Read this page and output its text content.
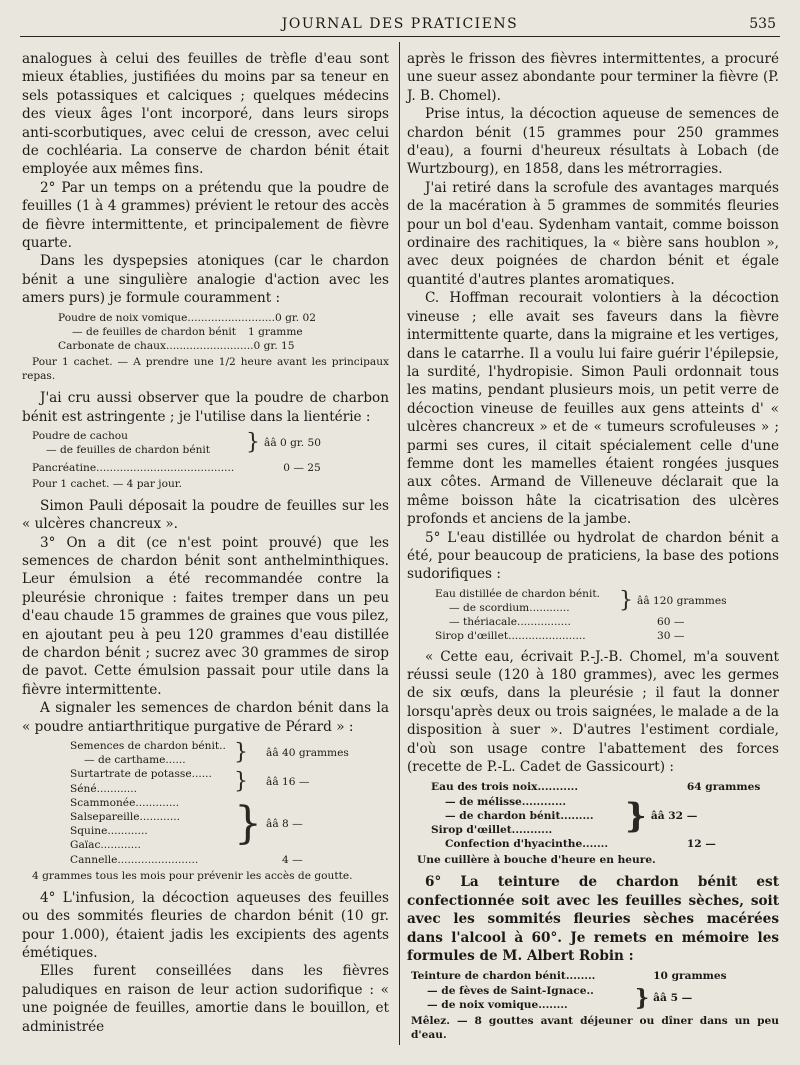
JOURNAL DES PRATICIENS	535

analogues à celui des feuilles de trèfle d'eau sont mieux établies, justifiées du moins par sa teneur en sels potassiques et calciques ; quelques médecins des vieux âges l'ont incorporé, dans leurs sirops anti-scorbutiques, avec celui de cresson, avec celui de cochléaria. La conserve de chardon bénit était employée aux mêmes fins.

2° Par un temps on a prétendu que la poudre de feuilles (1 à 4 grammes) prévient le retour des accès de fièvre intermittente, et principalement de fièvre quarte.

Dans les dyspepsies atoniques (car le chardon bénit a une singulière analogie d'action avec les amers purs) je formule couramment :

Poudre de noix vomique .......................... 0 gr. 02
— de feuilles de chardon bénit 1 gramme
Carbonate de chaux .......................... 0 gr. 15
Pour 1 cachet. — A prendre une 1/2 heure avant les principaux repas.

J'ai cru aussi observer que la poudre de charbon bénit est astringente ; je l'utilise dans la lientérie :

Poudre de cachou
— de feuilles de chardon bénit	}	ââ 0 gr. 50
Pancréatine .........................................	0 — 25
Pour 1 cachet. — 4 par jour.

Simon Pauli déposait la poudre de feuilles sur les « ulcères chancreux ».

3° On a dit (ce n'est point prouvé) que les semences de chardon bénit sont anthelminthiques. Leur émulsion a été recommandée contre la pleurésie chronique : faites tremper dans un peu d'eau chaude 15 grammes de graines que vous pilez, en ajoutant peu à peu 120 grammes d'eau distillée de chardon bénit ; sucrez avec 30 grammes de sirop de pavot. Cette émulsion passait pour utile dans la fièvre intermittente.

A signaler les semences de chardon bénit dans la « poudre antiarthritique purgative de Pérard » :

Semences de chardon bénit..
— de carthame......	}	ââ 40 grammes

Surtartrate de potasse......
Séné............	}	ââ 16 —

Scammonée.............
Salsepareille............
Squine............
Gaïac............	}	ââ 8 —
Cannelle........................		4 —
4 grammes tous les mois pour prévenir les accès de goutte.

4° L'infusion, la décoction aqueuses des feuilles ou des sommités fleuries de chardon bénit (10 gr. pour 1.000), étaient jadis les excipients des agents émétiques.

Elles furent conseillées dans les fièvres paludiques en raison de leur action sudorifique : « une poignée de feuilles, amortie dans le bouillon, et administrée

après le frisson des fièvres intermittentes, a procuré une sueur assez abondante pour terminer la fièvre (P. J. B. Chomel).

Prise intus, la décoction aqueuse de semences de chardon bénit (15 grammes pour 250 grammes d'eau), a fourni d'heureux résultats à Lobach (de Wurtzbourg), en 1858, dans les métrorragies.

J'ai retiré dans la scrofule des avantages marqués de la macération à 5 grammes de sommités fleuries pour un bol d'eau. Sydenham vantait, comme boisson ordinaire des rachitiques, la « bière sans houblon », avec deux poignées de chardon bénit et égale quantité d'autres plantes aromatiques.

C. Hoffman recourait volontiers à la décoction vineuse ; elle avait ses faveurs dans la fièvre intermittente quarte, dans la migraine et les vertiges, dans le catarrhe. Il a voulu lui faire guérir l'épilepsie, la surdité, l'hydropisie. Simon Pauli ordonnait tous les matins, pendant plusieurs mois, un petit verre de décoction vineuse de feuilles aux gens atteints d' « ulcères chancreux » et de « tumeurs scrofuleuses » ; parmi ses cures, il citait spécialement celle d'une femme dont les mamelles étaient rongées jusques aux côtes. Armand de Villeneuve déclarait que la même boisson hâte la cicatrisation des ulcères profonds et anciens de la jambe.

5° L'eau distillée ou hydrolat de chardon bénit a été, pour beaucoup de praticiens, la base des potions sudorifiques :

Eau distillée de chardon bénit.
— de scordium............	}	ââ 120 grammes
— thériacale................		60 —
Sirop d'œillet.......................		30 —

« Cette eau, écrivait P.-J.-B. Chomel, m'a souvent réussi seule (120 à 180 grammes), avec les germes de six œufs, dans la pleurésie ; il faut la donner lorsqu'après deux ou trois saignées, le malade a de la disposition à suer ». D'autres l'estiment cordiale, d'où son usage contre l'abattement des forces (recette de P.-L. Cadet de Gassicourt) :

Eau des trois noix...........		64 grammes

— de mélisse............
— de chardon bénit.........
Sirop d'œillet...........	}	ââ 32 —
Confection d'hyacinthe.......		12 —
Une cuillère à bouche d'heure en heure.

6° La teinture de chardon bénit est confectionnée soit avec les feuilles sèches, soit avec les sommités fleuries sèches macérées dans l'alcool à 60°. Je remets en mémoire les formules de M. Albert Robin :

Teinture de chardon bénit........		10 grammes

— de fèves de Saint-Ignace..
— de noix vomique........	}	ââ 5 —
Mêlez. — 8 gouttes avant déjeuner ou dîner dans un peu d'eau.
